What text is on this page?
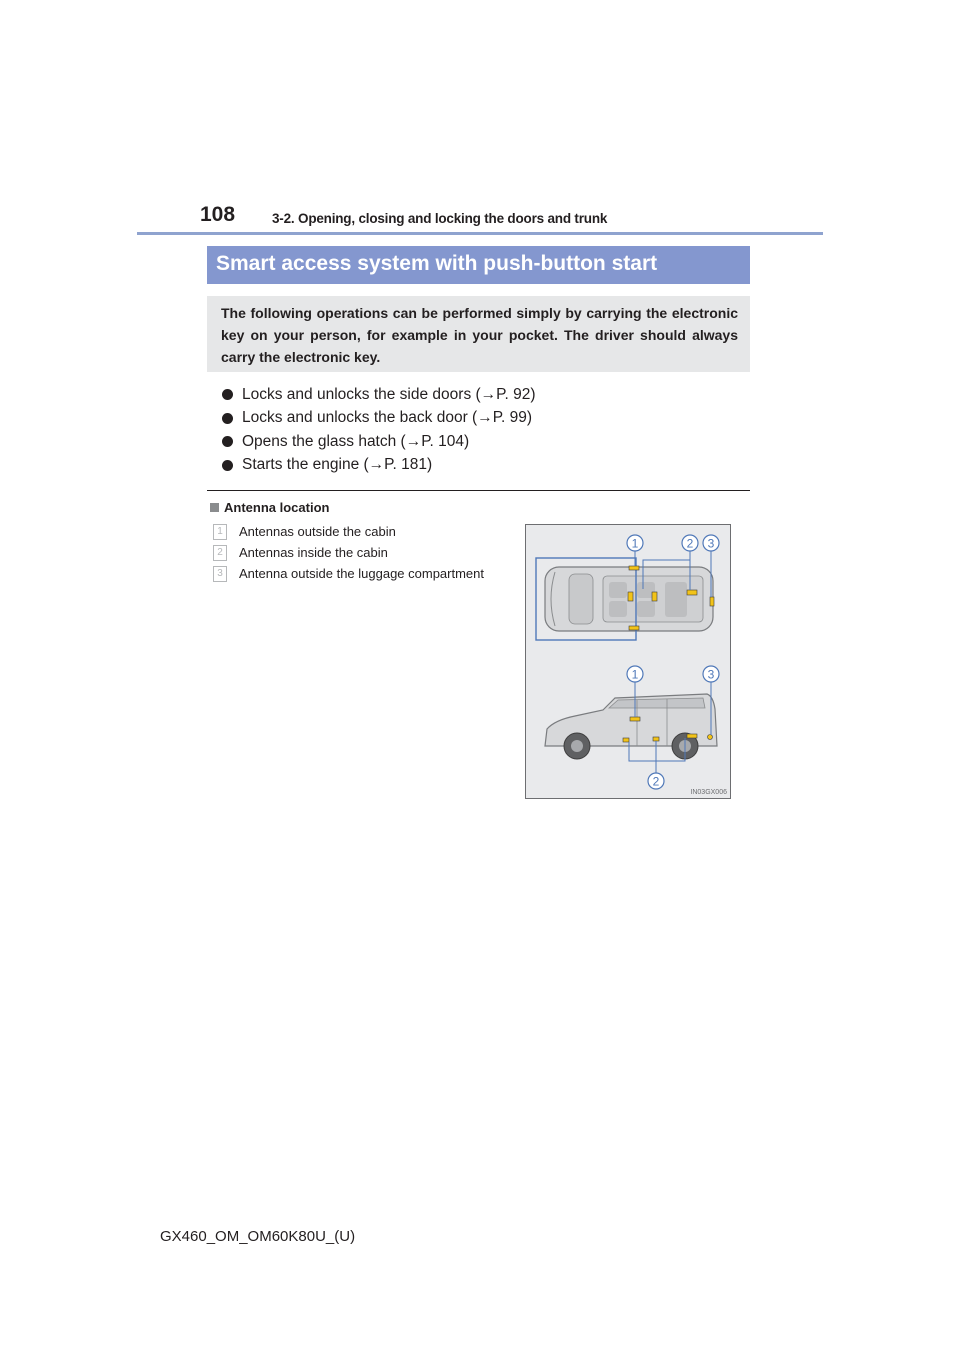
108	3-2. Opening, closing and locking the doors and trunk
Smart access system with push-button start
The following operations can be performed simply by carrying the electronic key on your person, for example in your pocket. The driver should always carry the electronic key.
Locks and unlocks the side doors (→P. 92)
Locks and unlocks the back door (→P. 99)
Opens the glass hatch (→P. 104)
Starts the engine (→P. 181)
Antenna location
1	Antennas outside the cabin
2	Antennas inside the cabin
3	Antenna outside the luggage compartment
1	2 3
1	3
2
IN03GX006
GX460_OM_OM60K80U_(U)
